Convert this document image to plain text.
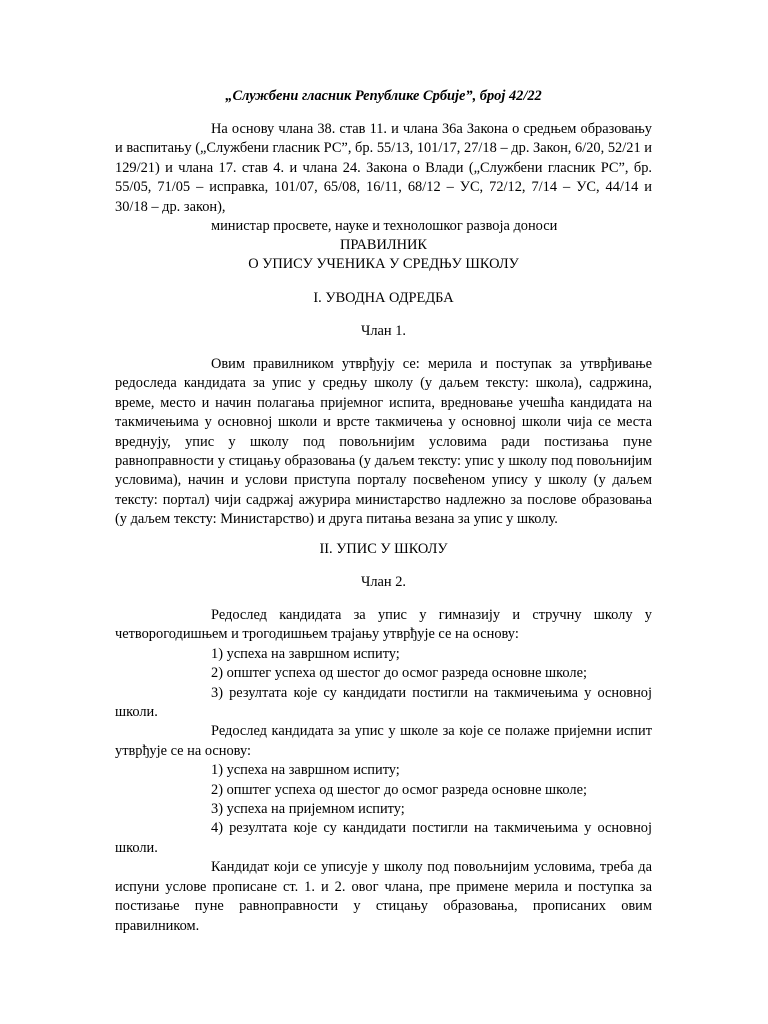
„Службени гласник Републике Србије”, број 42/22

На основу члана 38. став 11. и члана 36а Закона о средњем образовању и васпитању („Службени гласник РС”, бр. 55/13, 101/17, 27/18 – др. Закон, 6/20, 52/21 и 129/21) и члана 17. став 4. и члана 24. Закона о Влади („Службени гласник РС”, бр. 55/05, 71/05 – исправка, 101/07, 65/08, 16/11, 68/12 – УС, 72/12, 7/14 – УС, 44/14 и 30/18 – др. закон),

министар просвете, науке и технолошког развоја доноси

ПРАВИЛНИК

О УПИСУ УЧЕНИКА У СРЕДЊУ ШКОЛУ

I. УВОДНА ОДРЕДБА
Члан 1.

Овим правилником утврђују се: мерила и поступак за утврђивање редоследа кандидата за упис у средњу школу (у даљем тексту: школа), садржина, време, место и начин полагања пријемног испита, вредновање учешћа кандидата на такмичењима у основној школи и врсте такмичења у основној школи чија се места вреднују, упис у школу под повољнијим условима ради постизања пуне равноправности у стицању образовања (у даљем тексту: упис у школу под повољнијим условима), начин и услови приступа порталу посвећеном упису у школу (у даљем тексту: портал) чији садржај ажурира министарство надлежно за послове образовања (у даљем тексту: Министарство) и друга питања везана за упис у школу.

II. УПИС У ШКОЛУ
Члан 2.

Редослед кандидата за упис у гимназију и стручну школу у четворогодишњем и трогодишњем трајању утврђује се на основу:

1) успеха на завршном испиту;

2) општег успеха од шестог до осмог разреда основне школе;

3) резултата које су кандидати постигли на такмичењима у основној школи.

Редослед кандидата за упис у школе за које се полаже пријемни испит утврђује се на основу:

1) успеха на завршном испиту;

2) општег успеха од шестог до осмог разреда основне школе;

3) успеха на пријемном испиту;

4) резултата које су кандидати постигли на такмичењима у основној школи.

Кандидат који се уписује у школу под повољнијим условима, треба да испуни услове прописане ст. 1. и 2. овог члана, пре примене мерила и поступка за постизање пуне равноправности у стицању образовања, прописаних овим правилником.
